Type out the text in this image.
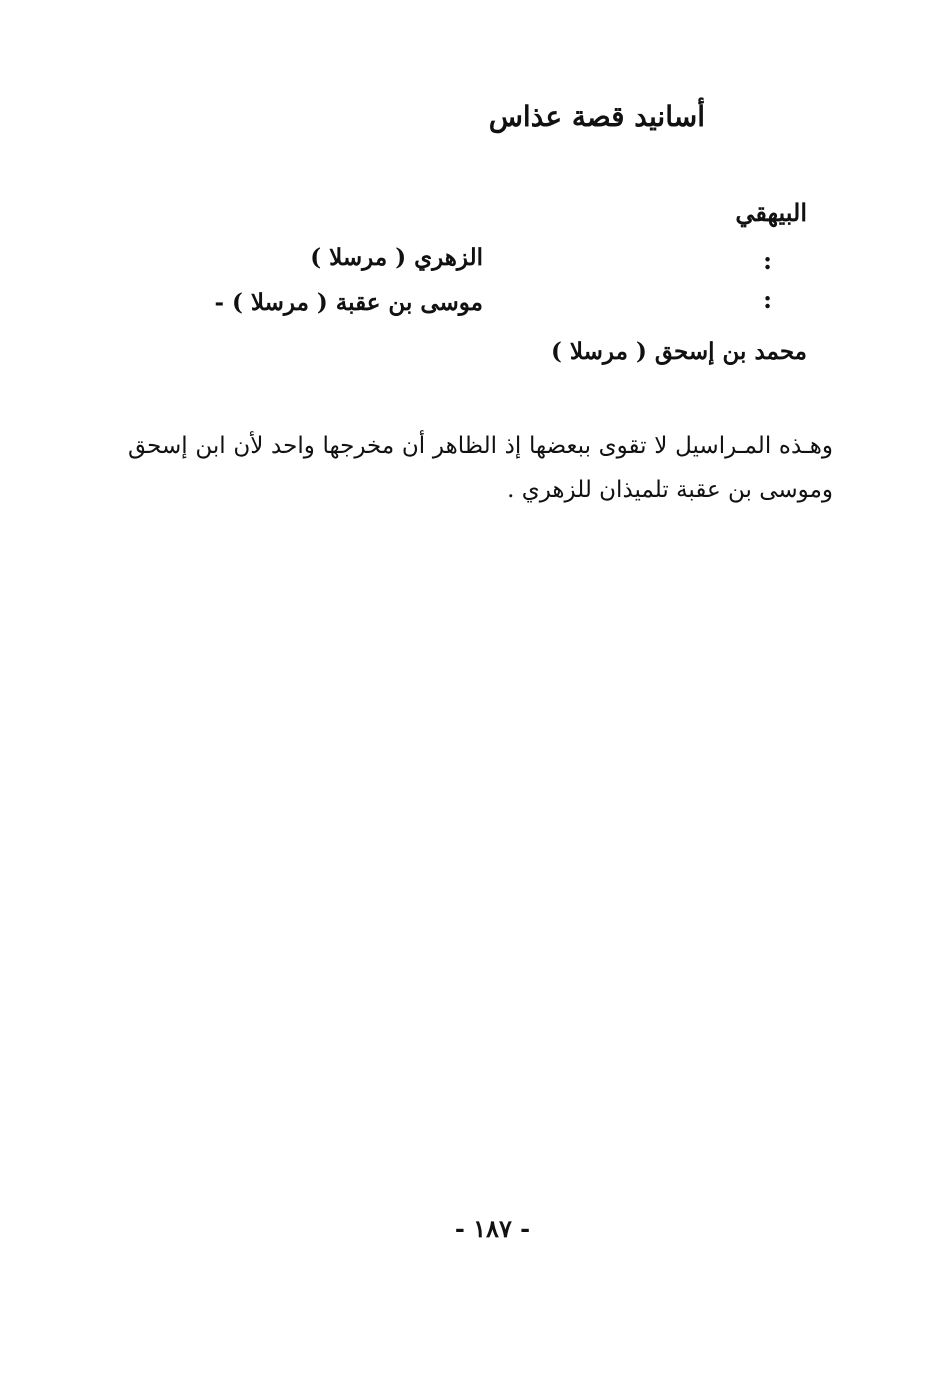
أسانيد قصة عذاس
البيهقي
:
الزهري ( مرسلا )
:
موسى بن عقبة ( مرسلا ) -
محمد بن إسحق ( مرسلا )
وهـذه المـراسيل لا تقوى ببعضها إذ الظاهر أن مخرجها واحد لأن ابن إسحق وموسى بن عقبة تلميذان للزهري .
- ١٨٧ -
